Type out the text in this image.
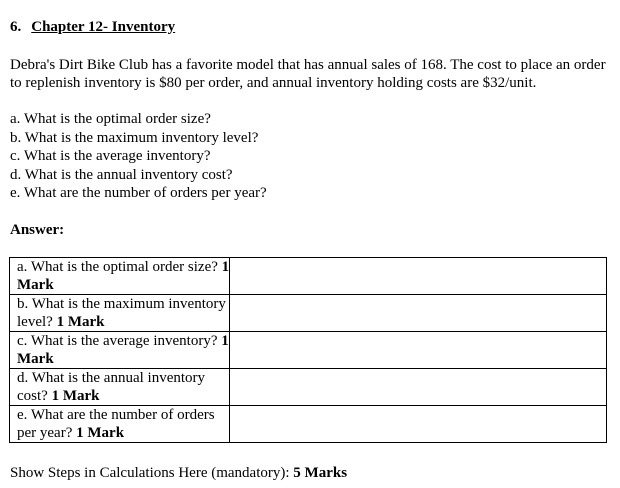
6. Chapter 12- Inventory
Debra's Dirt Bike Club has a favorite model that has annual sales of 168. The cost to place an order to replenish inventory is $80 per order, and annual inventory holding costs are $32/unit.
a. What is the optimal order size?
b. What is the maximum inventory level?
c. What is the average inventory?
d. What is the annual inventory cost?
e. What are the number of orders per year?
Answer:
a. What is the optimal order size? 1 Mark	
b. What is the maximum inventory level? 1 Mark	
c. What is the average inventory? 1 Mark	
d. What is the annual inventory cost? 1 Mark	
e. What are the number of orders per year? 1 Mark	
Show Steps in Calculations Here (mandatory): 5 Marks
